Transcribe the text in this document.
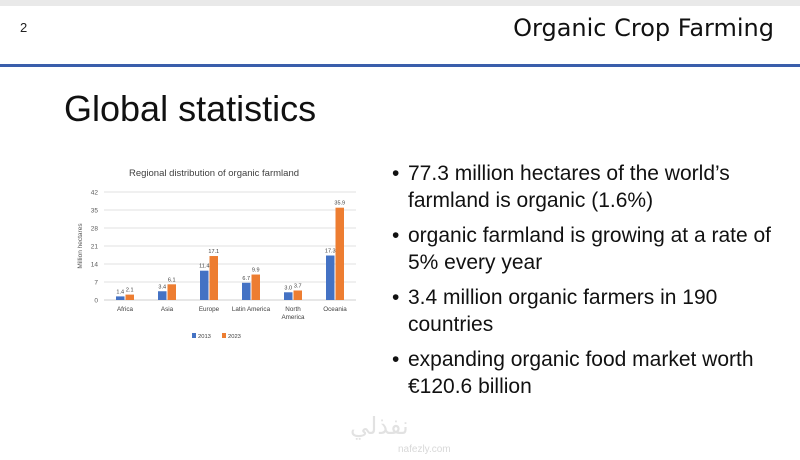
2	Organic Crop Farming
Global statistics
Regional distribution of organic farmland
0
7
14
21
28
35
42
Million hectares
1.4 2.1
Africa
3.4
6.1
Asia
11.4
17.1
Europe
6.7
9.9
Latin America
3.0 3.7
North
America
17.3
35.9
Oceania
2013	2023
• 77.3 million hectares of the world’s farmland is organic (1.6%)
• organic farmland is growing at a rate of 5% every year
• 3.4 million organic farmers in 190 countries
• expanding organic food market worth €120.6 billion
نفذلي
nafezly.com
